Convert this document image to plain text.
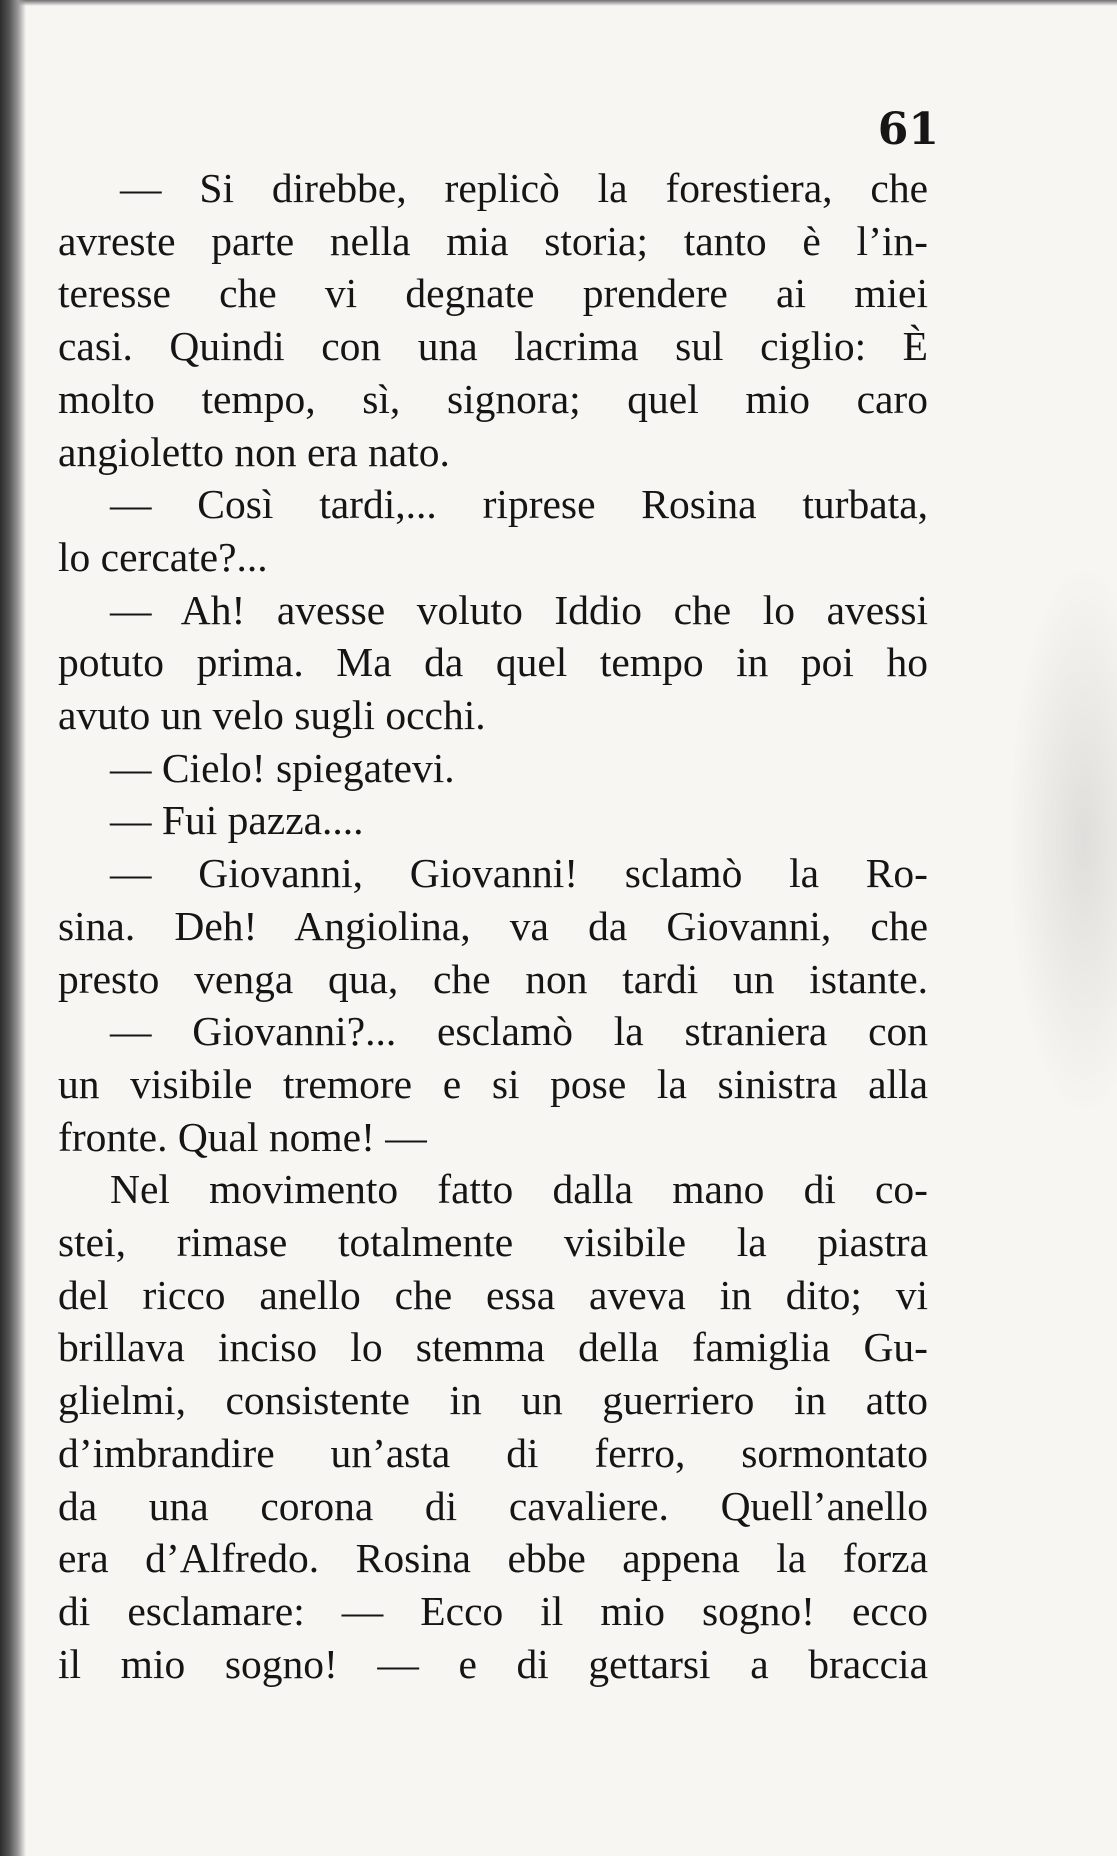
61
— Si direbbe, replicò la forestiera, che
avreste parte nella mia storia; tanto è l’in-
teresse che vi degnate prendere ai miei
casi. Quindi con una lacrima sul ciglio: È
molto tempo, sì, signora; quel mio caro
angioletto non era nato.
— Così tardi,... riprese Rosina turbata,
lo cercate?...
— Ah! avesse voluto Iddio che lo avessi
potuto prima. Ma da quel tempo in poi ho
avuto un velo sugli occhi.
— Cielo! spiegatevi.
— Fui pazza....
— Giovanni, Giovanni! sclamò la Ro-
sina. Deh! Angiolina, va da Giovanni, che
presto venga qua, che non tardi un istante.
— Giovanni?... esclamò la straniera con
un visibile tremore e si pose la sinistra alla
fronte. Qual nome! —
Nel movimento fatto dalla mano di co-
stei, rimase totalmente visibile la piastra
del ricco anello che essa aveva in dito; vi
brillava inciso lo stemma della famiglia Gu-
glielmi, consistente in un guerriero in atto
d’imbrandire un’asta di ferro, sormontato
da una corona di cavaliere. Quell’anello
era d’Alfredo. Rosina ebbe appena la forza
di esclamare: — Ecco il mio sogno! ecco
il mio sogno! — e di gettarsi a braccia
